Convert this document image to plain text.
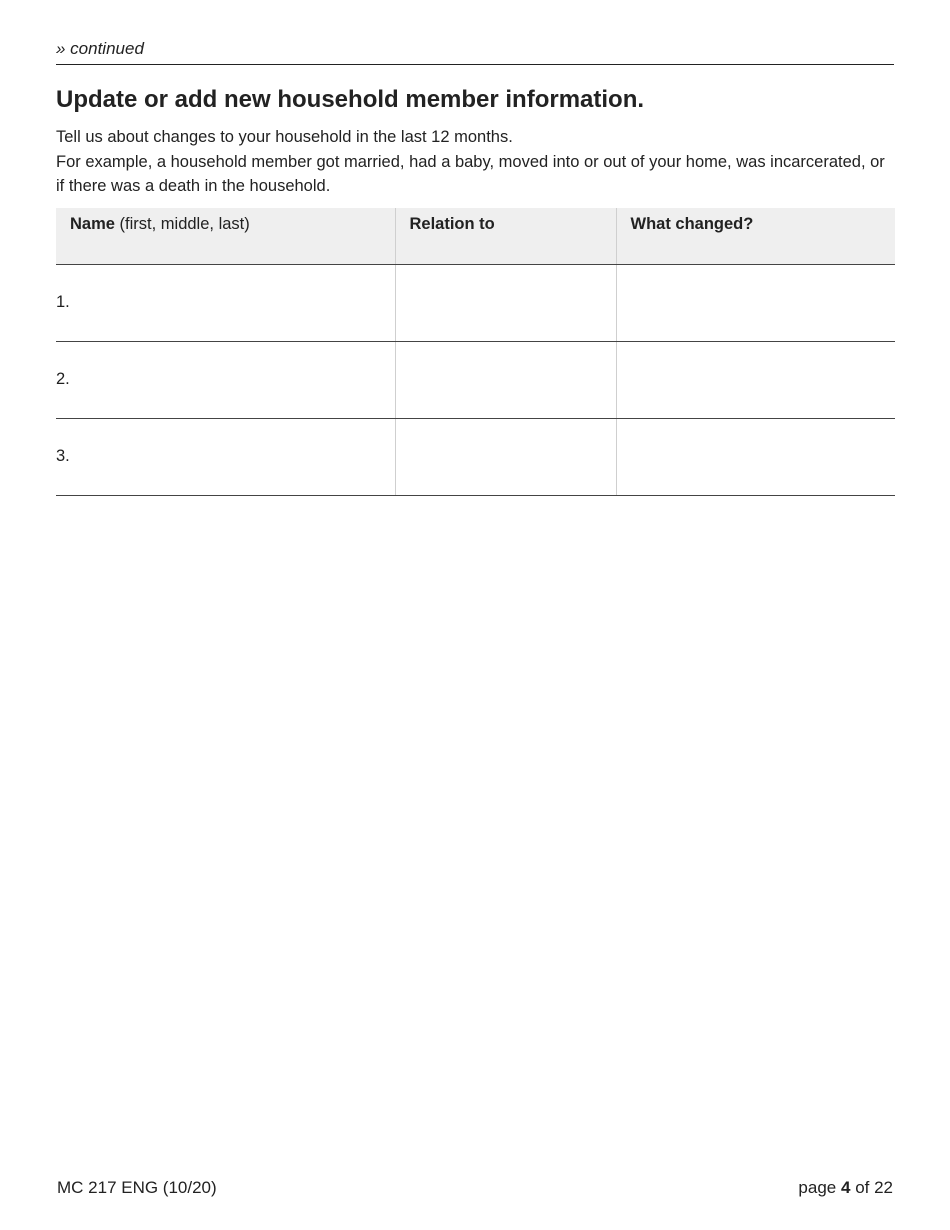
» continued
Update or add new household member information.

Tell us about changes to your household in the last 12 months.

For example, a household member got married, had a baby, moved into or out of your home, was incarcerated, or if there was a death in the household.

Name (first, middle, last)	Relation to	What changed?
1.		
2.		
3.		
MC 217 ENG (10/20)	page 4 of 22
